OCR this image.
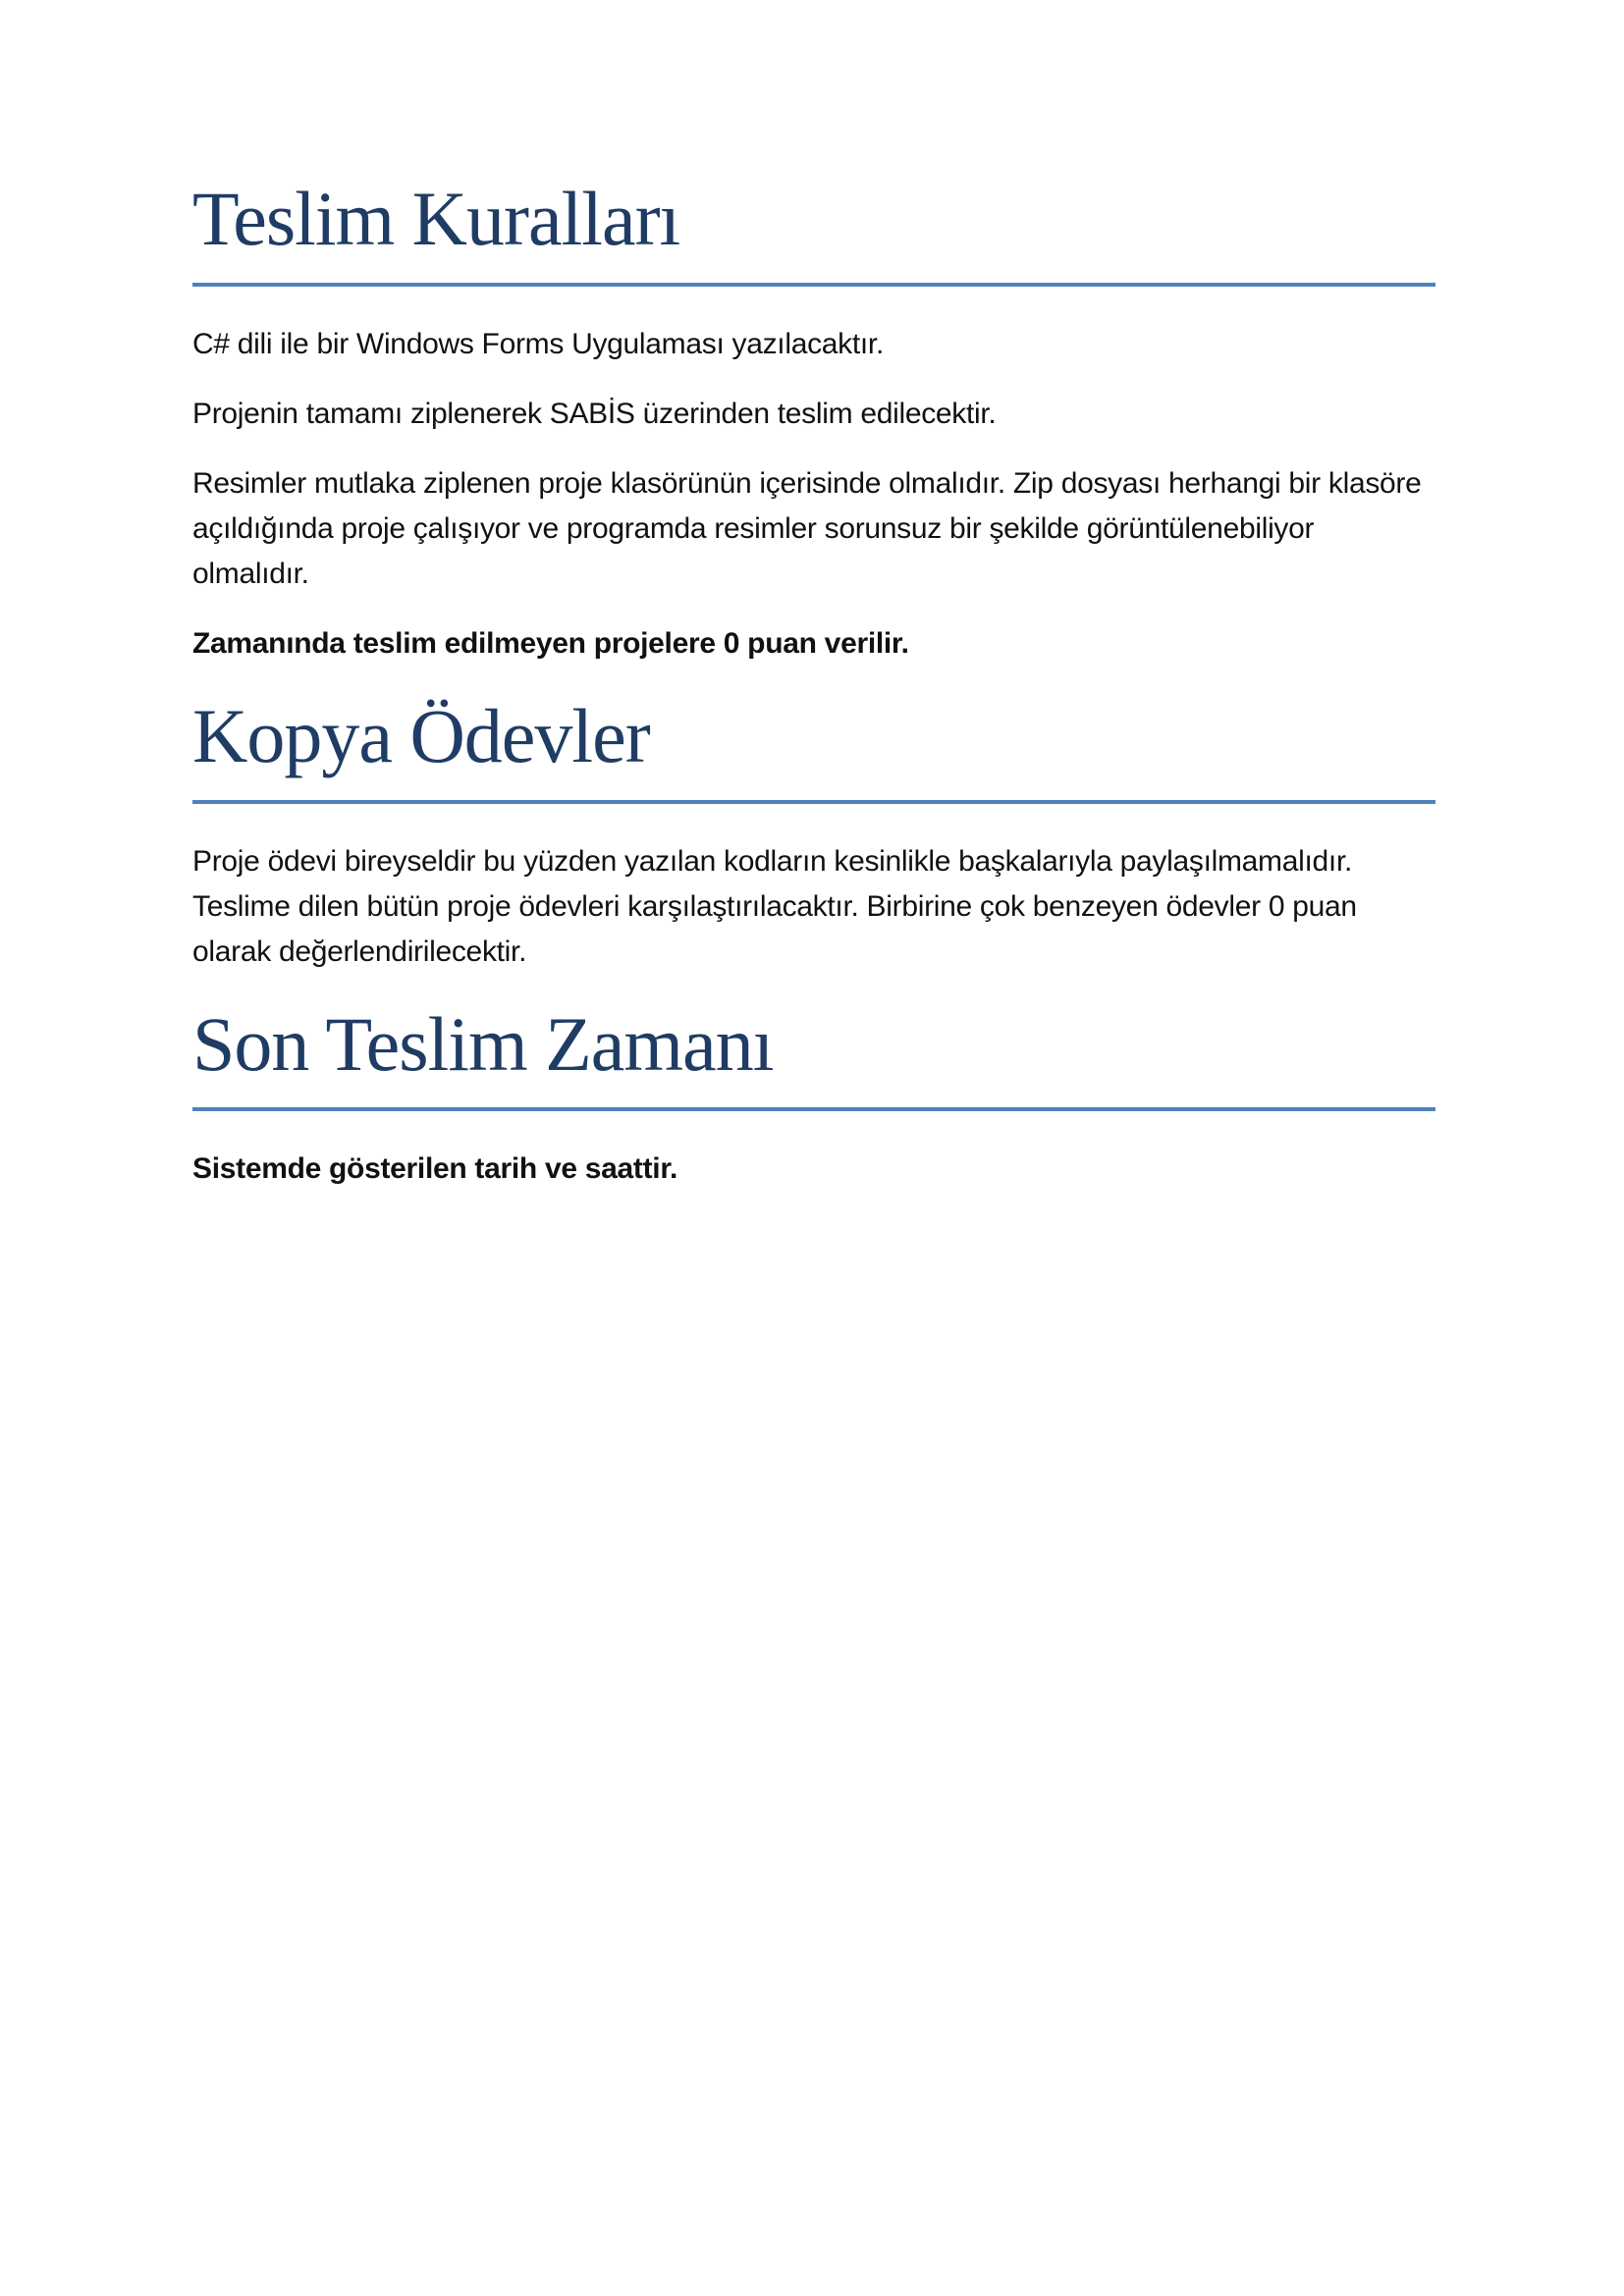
Teslim Kuralları

C# dili ile bir Windows Forms Uygulaması yazılacaktır.

Projenin tamamı ziplenerek SABİS üzerinden teslim edilecektir.

Resimler mutlaka ziplenen proje klasörünün içerisinde olmalıdır. Zip dosyası herhangi bir klasöre açıldığında proje çalışıyor ve programda resimler sorunsuz bir şekilde görüntülenebiliyor olmalıdır.

Zamanında teslim edilmeyen projelere 0 puan verilir.

Kopya Ödevler

Proje ödevi bireyseldir bu yüzden yazılan kodların kesinlikle başkalarıyla paylaşılmamalıdır. Teslime dilen bütün proje ödevleri karşılaştırılacaktır. Birbirine çok benzeyen ödevler 0 puan olarak değerlendirilecektir.

Son Teslim Zamanı

Sistemde gösterilen tarih ve saattir.
